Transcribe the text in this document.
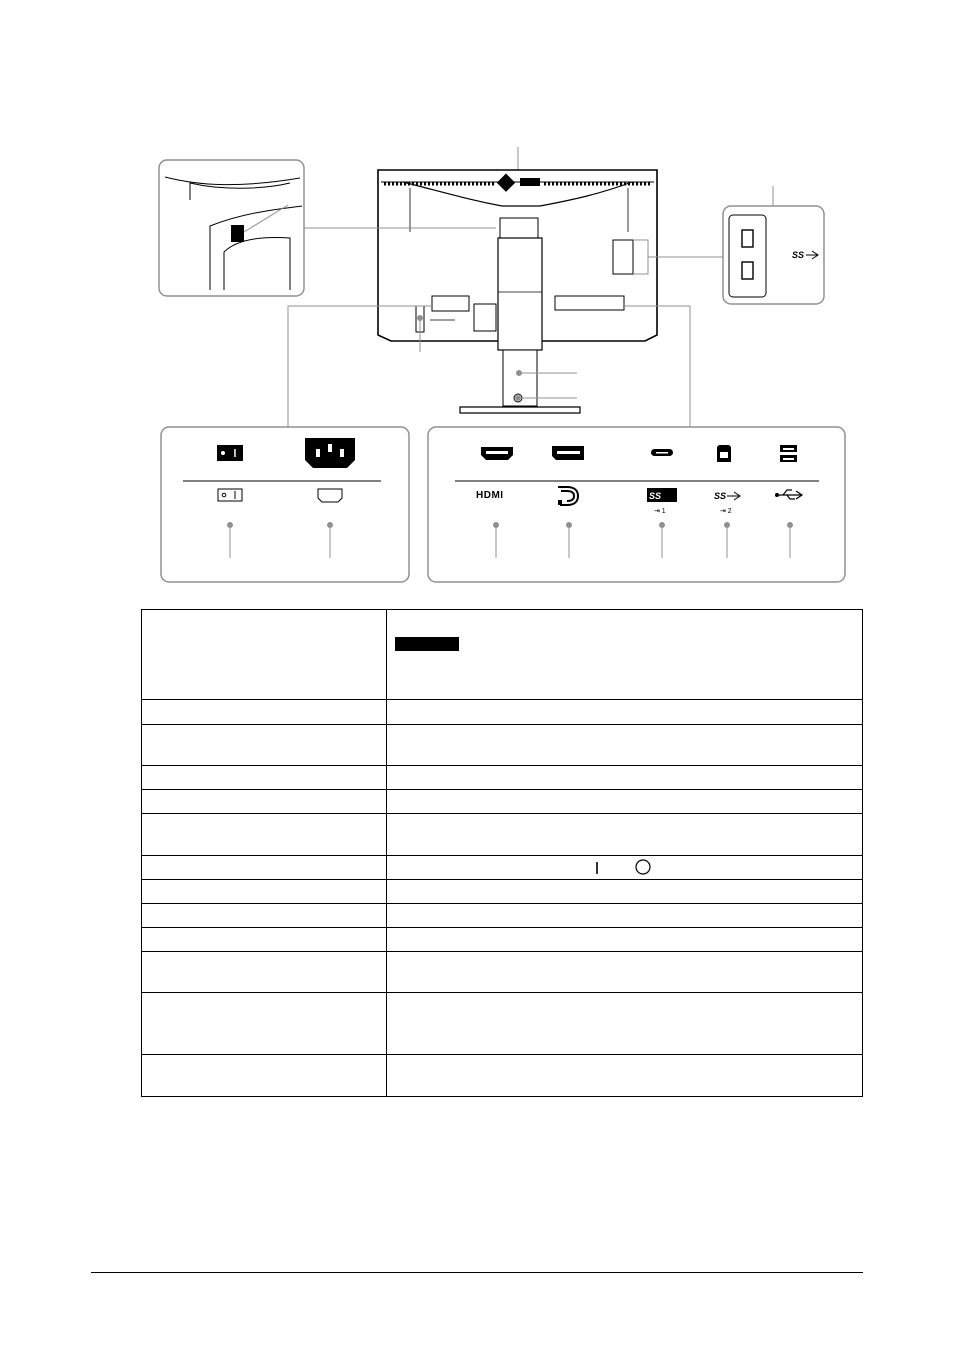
SS
HDMI	SS	SS
⇥ 1	⇥ 2
